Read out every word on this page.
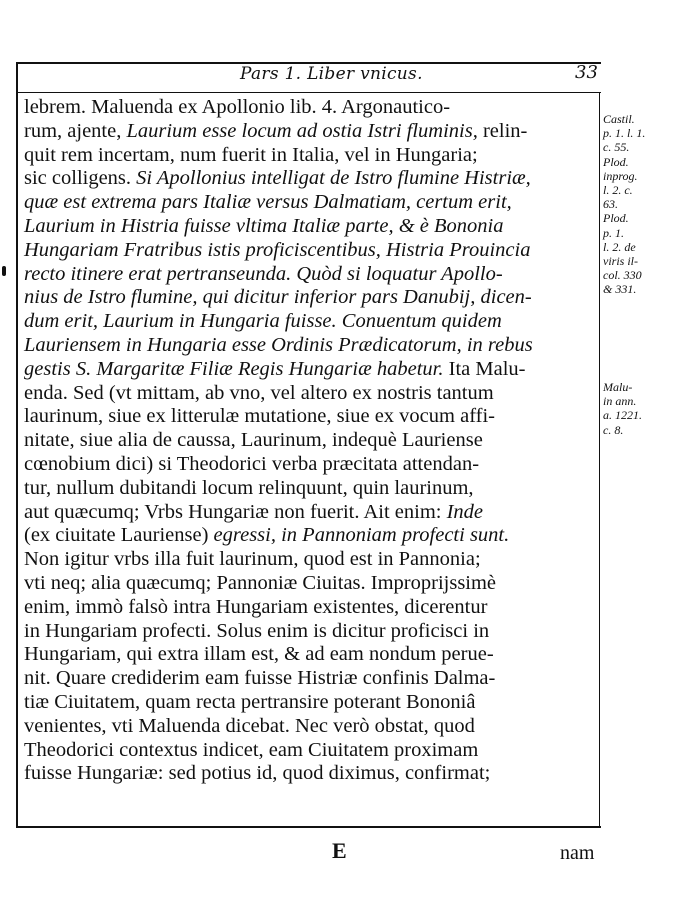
Pars 1. Liber vnicus.	33
lebrem. Maluenda ex Apollonio lib. 4. Argonautico-
rum, ajente, Laurium esse locum ad ostia Istri fluminis, relin-
quit rem incertam, num fuerit in Italia, vel in Hungaria;
sic colligens. Si Apollonius intelligat de Istro flumine Histriæ,
quæ est extrema pars Italiæ versus Dalmatiam, certum erit,
Laurium in Histria fuisse vltima Italiæ parte, & è Bononia
Hungariam Fratribus istis proficiscentibus, Histria Prouincia
recto itinere erat pertranseunda. Quòd si loquatur Apollo-
nius de Istro flumine, qui dicitur inferior pars Danubij, dicen-
dum erit, Laurium in Hungaria fuisse. Conuentum quidem
Lauriensem in Hungaria esse Ordinis Prædicatorum, in rebus
gestis S. Margaritæ Filiæ Regis Hungariæ habetur. Ita Malu-
enda. Sed (vt mittam, ab vno, vel altero ex nostris tantum
laurinum, siue ex litterulæ mutatione, siue ex vocum affi-
nitate, siue alia de caussa, Laurinum, indequè Lauriense
cœnobium dici) si Theodorici verba præcitata attendan-
tur, nullum dubitandi locum relinquunt, quin laurinum,
aut quæcumq; Vrbs Hungariæ non fuerit. Ait enim: Inde
(ex ciuitate Lauriense) egressi, in Pannoniam profecti sunt.
Non igitur vrbs illa fuit laurinum, quod est in Pannonia;
vti neq; alia quæcumq; Pannoniæ Ciuitas. Impropriјssimè
enim, immò falsò intra Hungariam existentes, dicerentur
in Hungariam profecti. Solus enim is dicitur proficisci in
Hungariam, qui extra illam est, & ad eam nondum perue-
nit. Quare crediderim eam fuisse Histriæ confinis Dalma-
tiæ Ciuitatem, quam recta pertransire poterant Bononiâ
venientes, vti Maluenda dicebat. Nec verò obstat, quod
Theodorici contextus indicet, eam Ciuitatem proximam
fuisse Hungariæ: sed potius id, quod diximus, confirmat;
Castil.
p. 1. l. 1.
c. 55.
Plod.
inprog.
l. 2. c.
63.
Plod.
p. 1.
l. 2. de
viris il-
col. 330
& 331.
Malu-
in ann.
a. 1221.
c. 8.
E	nam
